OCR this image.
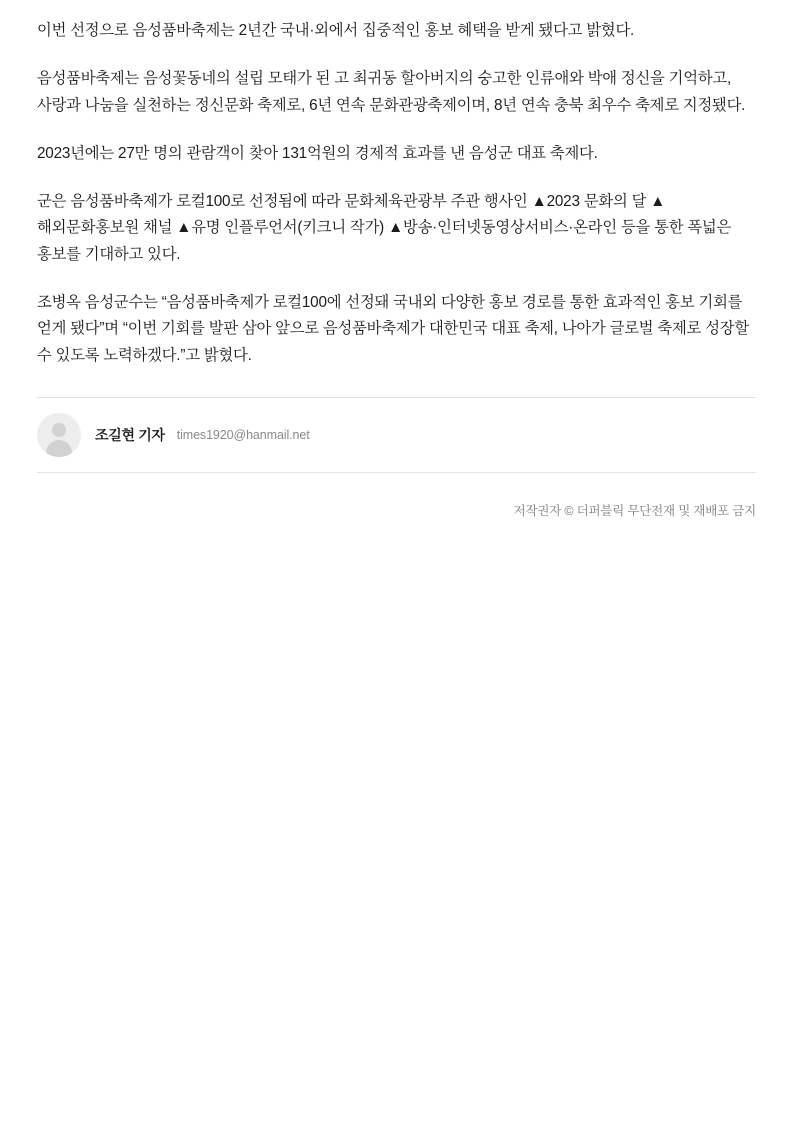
이번 선정으로 음성품바축제는 2년간 국내·외에서 집중적인 홍보 혜택을 받게 됐다고 밝혔다.

음성품바축제는 음성꽃동네의 설립 모태가 된 고 최귀동 할아버지의 숭고한 인류애와 박애 정신을 기억하고, 사랑과 나눔을 실천하는 정신문화 축제로, 6년 연속 문화관광축제이며, 8년 연속 충북 최우수 축제로 지정됐다.

2023년에는 27만 명의 관람객이 찾아 131억원의 경제적 효과를 낸 음성군 대표 축제다.

군은 음성품바축제가 로컬100로 선정됨에 따라 문화체육관광부 주관 행사인 ▲2023 문화의 달 ▲해외문화홍보원 채널 ▲유명 인플루언서(키크니 작가) ▲방송·인터넷동영상서비스·온라인 등을 통한 폭넓은 홍보를 기대하고 있다.

조병옥 음성군수는 “음성품바축제가 로컬100에 선정돼 국내외 다양한 홍보 경로를 통한 효과적인 홍보 기회를 얻게 됐다”며 “이번 기회를 발판 삼아 앞으로 음성품바축제가 대한민국 대표 축제, 나아가 글로벌 축제로 성장할 수 있도록 노력하겠다.”고 밝혔다.

조길현 기자 times1920@hanmail.net
저작권자 © 더퍼블릭 무단전재 및 재배포 금지
